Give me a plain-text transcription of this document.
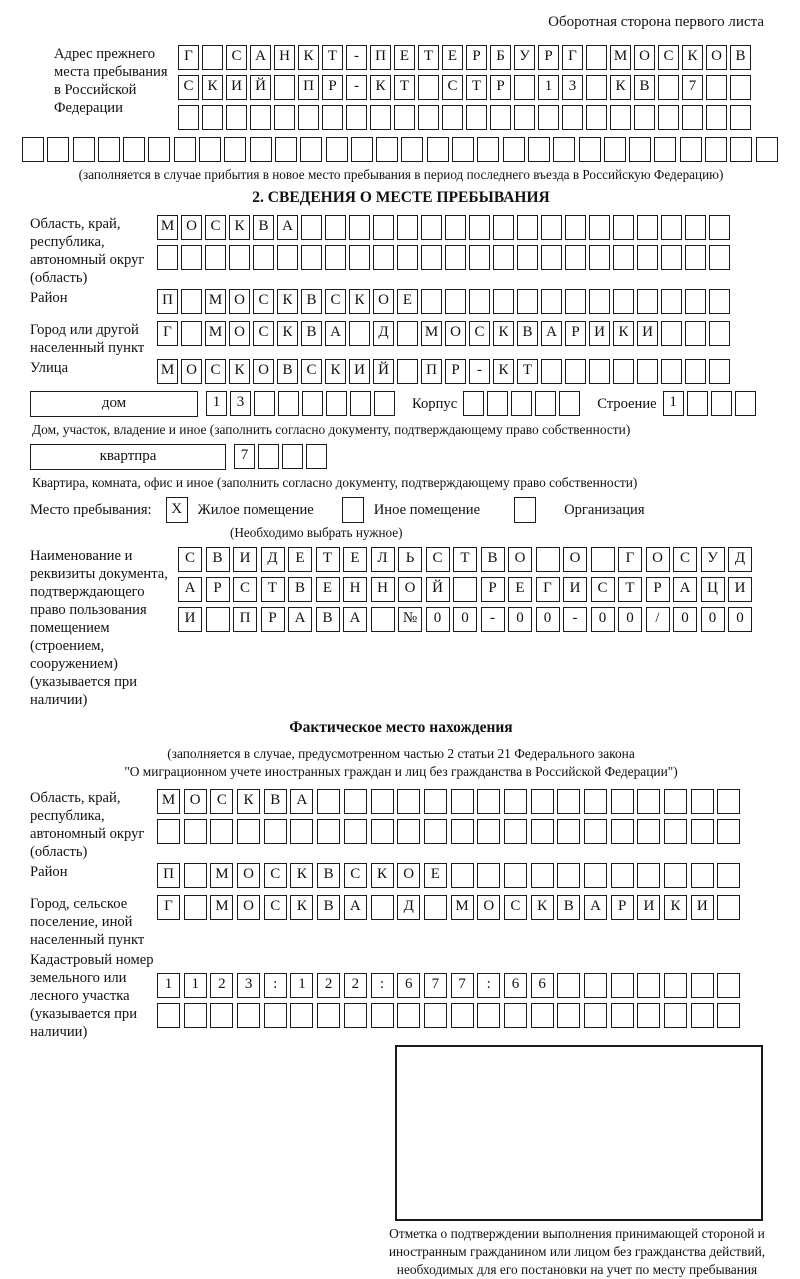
Оборотная сторона первого листа
Адрес прежнего места пребывания в Российской Федерации
Г	С А Н К Т - П Е Т Е Р Б У Р Г М О С К О В
С К И Й П Р - К Т	С Т Р	1 3	К В	7
(заполняется в случае прибытия в новое место пребывания в период последнего въезда в Российскую Федерацию)
2. СВЕДЕНИЯ О МЕСТЕ ПРЕБЫВАНИЯ
Область, край, республика, автономный округ (область)
М О С К В А
Район	П М О С К В С К О Е
Город или другой населенный пункт
Г М О С К В А Д М О С К В А Р И К И
Улица	М О С К О В С К И Й П Р - К Т
дом	1 3	Корпус	Строение 1
Дом, участок, владение и иное (заполнить согласно документу, подтверждающему право собственности)
квартпра	7
Квартира, комната, офис и иное (заполнить согласно документу, подтверждающему право собственности)
Место пребывания:	X	Жилое помещение	Иное помещение	Организация
(Необходимо выбрать нужное)
Наименование и реквизиты документа, подтверждающего право пользования помещением (строением, сооружением) (указывается при наличии)
С В И Д Е Т Е Л Ь С Т В О	О	Г О С У Д
А Р С Т В Е Н Н О Й	Р Е Г И С Т Р А Ц И
И	П Р А В А	№ 0 0 - 0 0 - 0 0 / 0 0 0
Фактическое место нахождения
(заполняется в случае, предусмотренном частью 2 статьи 21 Федерального закона
"О миграционном учете иностранных граждан и лиц без гражданства в Российской Федерации")
Область, край, республика, автономный округ (область)
М О С К В А
Район	П	М О С К В С К О Е
Город, сельское поселение, иной населенный пункт
Г	М О С К В А	Д	М О С К В А Р И К И
Кадастровый номер земельного или лесного участка (указывается при наличии)
1 1 2 3 : 1 2 2 : 6 7 7 : 6 6
Отметка о подтверждении выполнения принимающей стороной и иностранным гражданином или лицом без гражданства действий, необходимых для его постановки на учет по месту пребывания
